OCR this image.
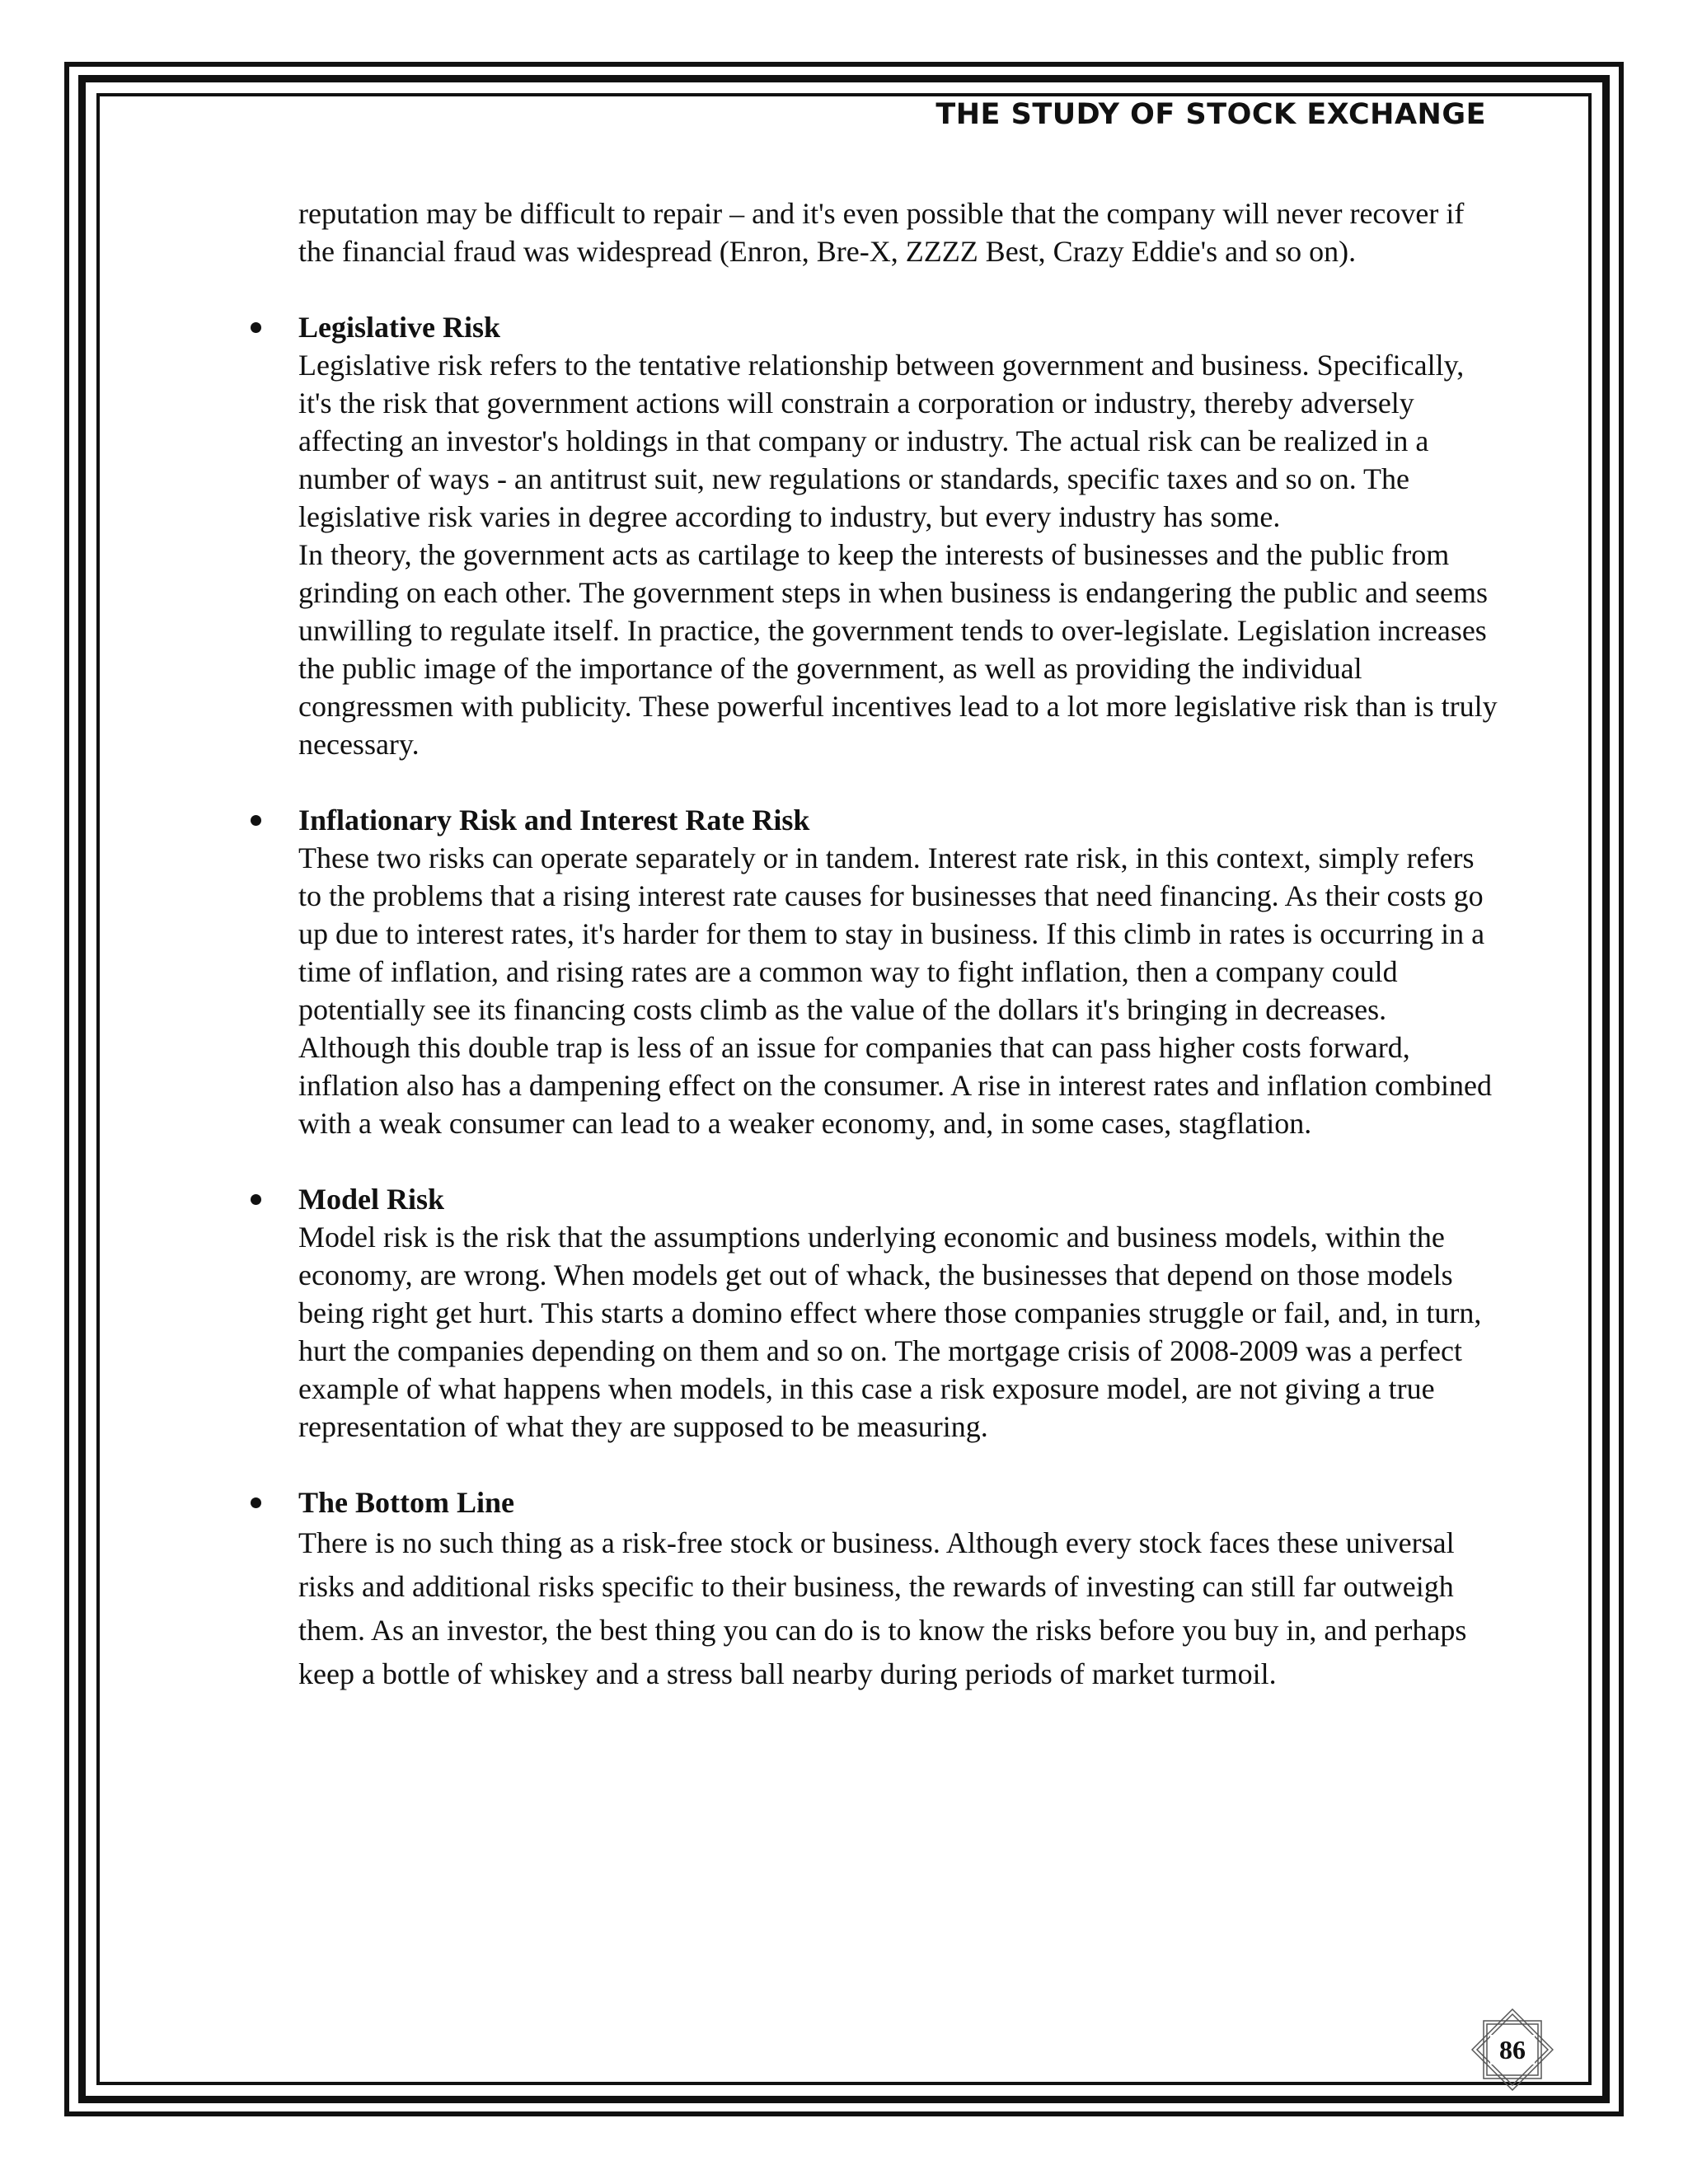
THE STUDY OF STOCK EXCHANGE

reputation may be difficult to repair – and it's even possible that the company will never recover if the financial fraud was widespread (Enron, Bre-X, ZZZZ Best, Crazy Eddie's and so on).

Legislative Risk

Legislative risk refers to the tentative relationship between government and business. Specifically, it's the risk that government actions will constrain a corporation or industry, thereby adversely affecting an investor's holdings in that company or industry. The actual risk can be realized in a number of ways - an antitrust suit, new regulations or standards, specific taxes and so on. The legislative risk varies in degree according to industry, but every industry has some.

In theory, the government acts as cartilage to keep the interests of businesses and the public from grinding on each other. The government steps in when business is endangering the public and seems unwilling to regulate itself. In practice, the government tends to over-legislate. Legislation increases the public image of the importance of the government, as well as providing the individual congressmen with publicity. These powerful incentives lead to a lot more legislative risk than is truly necessary.

Inflationary Risk and Interest Rate Risk

These two risks can operate separately or in tandem. Interest rate risk, in this context, simply refers to the problems that a rising interest rate causes for businesses that need financing. As their costs go up due to interest rates, it's harder for them to stay in business. If this climb in rates is occurring in a time of inflation, and rising rates are a common way to fight inflation, then a company could potentially see its financing costs climb as the value of the dollars it's bringing in decreases. Although this double trap is less of an issue for companies that can pass higher costs forward, inflation also has a dampening effect on the consumer. A rise in interest rates and inflation combined with a weak consumer can lead to a weaker economy, and, in some cases, stagflation.

Model Risk

Model risk is the risk that the assumptions underlying economic and business models, within the economy, are wrong. When models get out of whack, the businesses that depend on those models being right get hurt. This starts a domino effect where those companies struggle or fail, and, in turn, hurt the companies depending on them and so on. The mortgage crisis of 2008-2009 was a perfect example of what happens when models, in this case a risk exposure model, are not giving a true representation of what they are supposed to be measuring.

The Bottom Line

There is no such thing as a risk-free stock or business. Although every stock faces these universal risks and additional risks specific to their business, the rewards of investing can still far outweigh them. As an investor, the best thing you can do is to know the risks before you buy in, and perhaps keep a bottle of whiskey and a stress ball nearby during periods of market turmoil.

86
